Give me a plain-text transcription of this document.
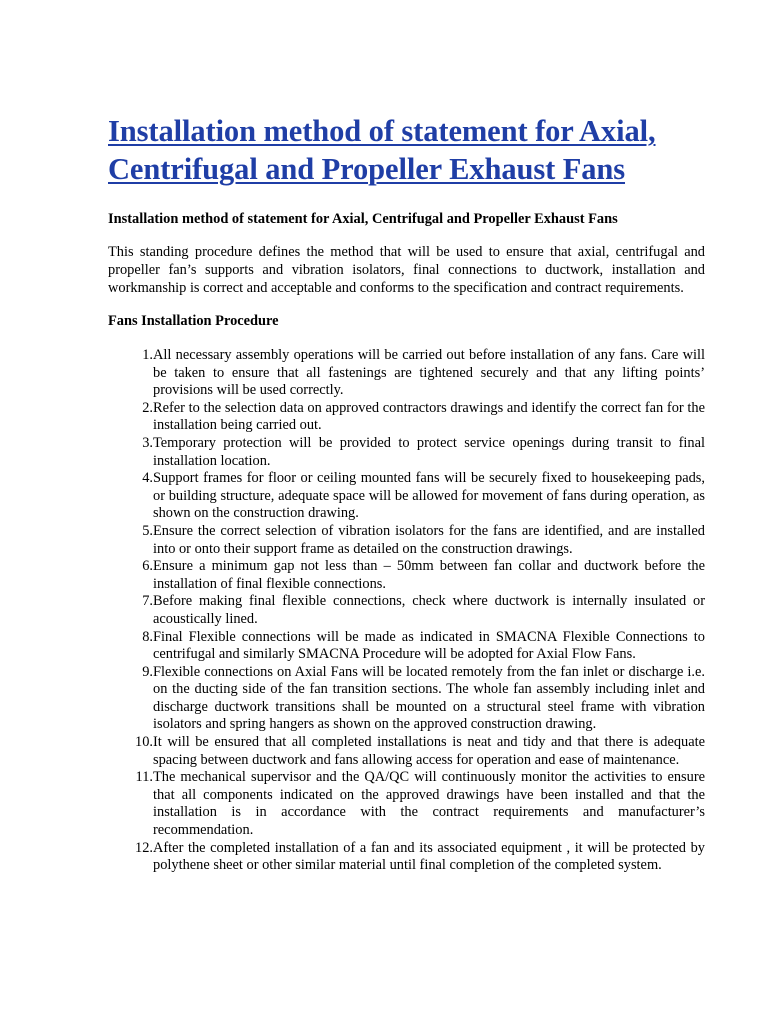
Installation method of statement for Axial, Centrifugal and Propeller Exhaust Fans

Installation method of statement for Axial, Centrifugal and Propeller Exhaust Fans

This standing procedure defines the method that will be used to ensure that axial, centrifugal and propeller fan’s supports and vibration isolators, final connections to ductwork, installation and workmanship is correct and acceptable and conforms to the specification and contract requirements.

Fans Installation Procedure

1. All necessary assembly operations will be carried out before installation of any fans. Care will be taken to ensure that all fastenings are tightened securely and that any lifting points’ provisions will be used correctly.
2. Refer to the selection data on approved contractors drawings and identify the correct fan for the installation being carried out.
3. Temporary protection will be provided to protect service openings during transit to final installation location.
4. Support frames for floor or ceiling mounted fans will be securely fixed to housekeeping pads, or building structure, adequate space will be allowed for movement of fans during operation, as shown on the construction drawing.
5. Ensure the correct selection of vibration isolators for the fans are identified, and are installed into or onto their support frame as detailed on the construction drawings.
6. Ensure a minimum gap not less than – 50mm between fan collar and ductwork before the installation of final flexible connections.
7. Before making final flexible connections, check where ductwork is internally insulated or acoustically lined.
8. Final Flexible connections will be made as indicated in SMACNA Flexible Connections to centrifugal and similarly SMACNA Procedure will be adopted for Axial Flow Fans.
9. Flexible connections on Axial Fans will be located remotely from the fan inlet or discharge i.e. on the ducting side of the fan transition sections. The whole fan assembly including inlet and discharge ductwork transitions shall be mounted on a structural steel frame with vibration isolators and spring hangers as shown on the approved construction drawing.
10. It will be ensured that all completed installations is neat and tidy and that there is adequate spacing between ductwork and fans allowing access for operation and ease of maintenance.
11. The mechanical supervisor and the QA/QC will continuously monitor the activities to ensure that all components indicated on the approved drawings have been installed and that the installation is in accordance with the contract requirements and manufacturer’s recommendation.
12. After the completed installation of a fan and its associated equipment , it will be protected by polythene sheet or other similar material until final completion of the completed system.
